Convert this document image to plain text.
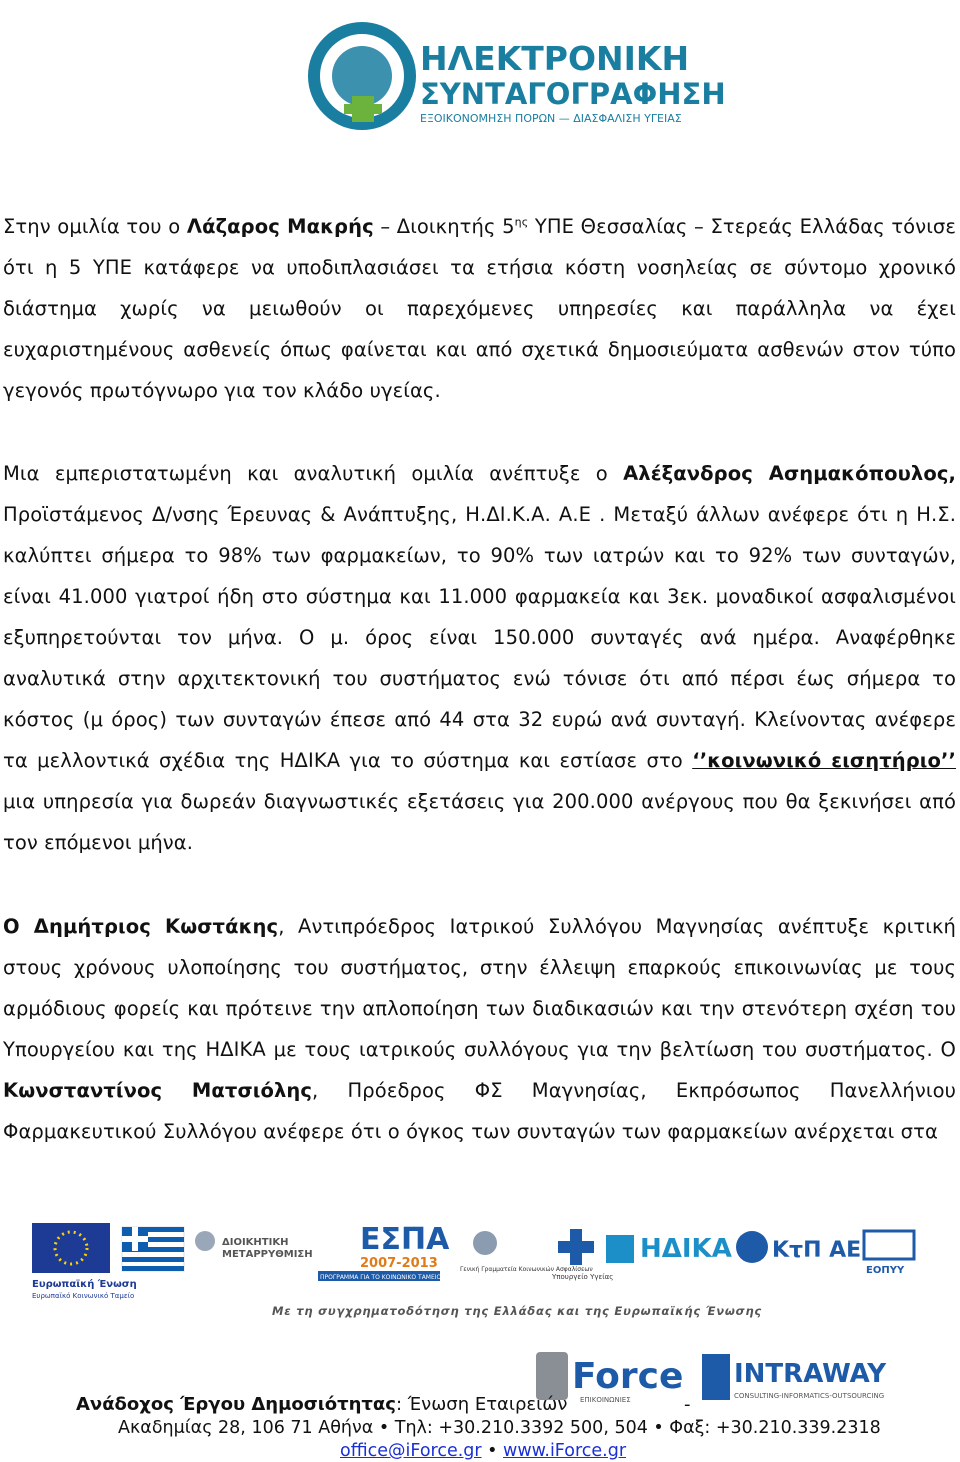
ΗΛΕΚΤΡΟΝΙΚΗ
ΣΥΝΤΑΓΟΓΡΑΦΗΣΗ
ΕΞΟΙΚΟΝΟΜΗΣΗ ΠΟΡΩΝ — ΔΙΑΣΦΑΛΙΣΗ ΥΓΕΙΑΣ
Στην ομιλία του ο Λάζαρος Μακρής – Διοικητής $5^{\eta\varsigma}$ ΥΠΕ Θεσσαλίας – Στερεάς Ελλάδας τόνισε ότι η 5 ΥΠΕ κατάφερε να υποδιπλασιάσει τα ετήσια κόστη νοσηλείας σε σύντομο χρονικό διάστημα χωρίς να μειωθούν οι παρεχόμενες υπηρεσίες και παράλληλα να έχει ευχαριστημένους ασθενείς όπως φαίνεται και από σχετικά δημοσιεύματα ασθενών στον τύπο γεγονός πρωτόγνωρο για τον κλάδο υγείας.
Μια εμπεριστατωμένη και αναλυτική ομιλία ανέπτυξε ο Αλέξανδρος Ασημακόπουλος, Προϊστάμενος Δ/νσης Έρευνας & Ανάπτυξης, Η.ΔΙ.Κ.Α. Α.Ε . Μεταξύ άλλων ανέφερε ότι η Η.Σ. καλύπτει σήμερα το 98% των φαρμακείων, το 90% των ιατρών και το 92% των συνταγών, είναι 41.000 γιατροί ήδη στο σύστημα και 11.000 φαρμακεία και 3εκ. μοναδικοί ασφαλισμένοι εξυπηρετούνται τον μήνα. Ο μ. όρος είναι 150.000 συνταγές ανά ημέρα. Αναφέρθηκε αναλυτικά στην αρχιτεκτονική του συστήματος ενώ τόνισε ότι από πέρσι έως σήμερα το κόστος (μ όρος) των συνταγών έπεσε από 44 στα 32 ευρώ ανά συνταγή. Κλείνοντας ανέφερε τα μελλοντικά σχέδια της ΗΔΙΚΑ για το σύστημα και εστίασε στο ‘’κοινωνικό εισητήριο’’ μια υπηρεσία για δωρεάν διαγνωστικές εξετάσεις για 200.000 ανέργους που θα ξεκινήσει από τον επόμενοι μήνα.
Ο Δημήτριος Κωστάκης, Αντιπρόεδρος Ιατρικού Συλλόγου Μαγνησίας ανέπτυξε κριτική στους χρόνους υλοποίησης του συστήματος, στην έλλειψη επαρκούς επικοινωνίας με τους αρμόδιους φορείς και πρότεινε την απλοποίηση των διαδικασιών και την στενότερη σχέση του Υπουργείου και της ΗΔΙΚΑ με τους ιατρικούς συλλόγους για την βελτίωση του συστήματος. Ο Κωνσταντίνος Ματσιόλης, Πρόεδρος ΦΣ Μαγνησίας, Εκπρόσωπος Πανελλήνιου Φαρμακευτικού Συλλόγου ανέφερε ότι ο όγκος των συνταγών των φαρμακείων ανέρχεται στα
Ευρωπαϊκή Ένωση
Ευρωπαϊκό Κοινωνικό Ταμείο
ΔΙΟΙΚΗΤΙΚΗ
ΜΕΤΑΡΡΥΘΜΙΣΗ ΕΣΠΑ
2007-2013
ΠΡΟΓΡΑΜΜΑ ΓΙΑ ΤΟ ΚΟΙΝΩΝΙΚΟ ΤΑΜΕΙΟ
Γενική Γραμματεία Κοινωνικών Ασφαλίσεων
Υπουργείο Υγείας
ΗΔΙΚΑ ΚτΠ ΑΕ
ΕΟΠΥΥ
Με τη συγχρηματοδότηση της Ελλάδας και της Ευρωπαϊκής Ένωσης
Force
ΕΠΙΚΟΙΝΩΝΙΕΣ
INTRAWAY
CONSULTING-INFORMATICS-OUTSOURCING
Ανάδοχος Έργου Δημοσιότητας: Ένωση Εταιρειών	-
Ακαδημίας 28, 106 71 Αθήνα • Τηλ: +30.210.3392 500, 504 • Φαξ: +30.210.339.2318
office@iForce.gr • www.iForce.gr
